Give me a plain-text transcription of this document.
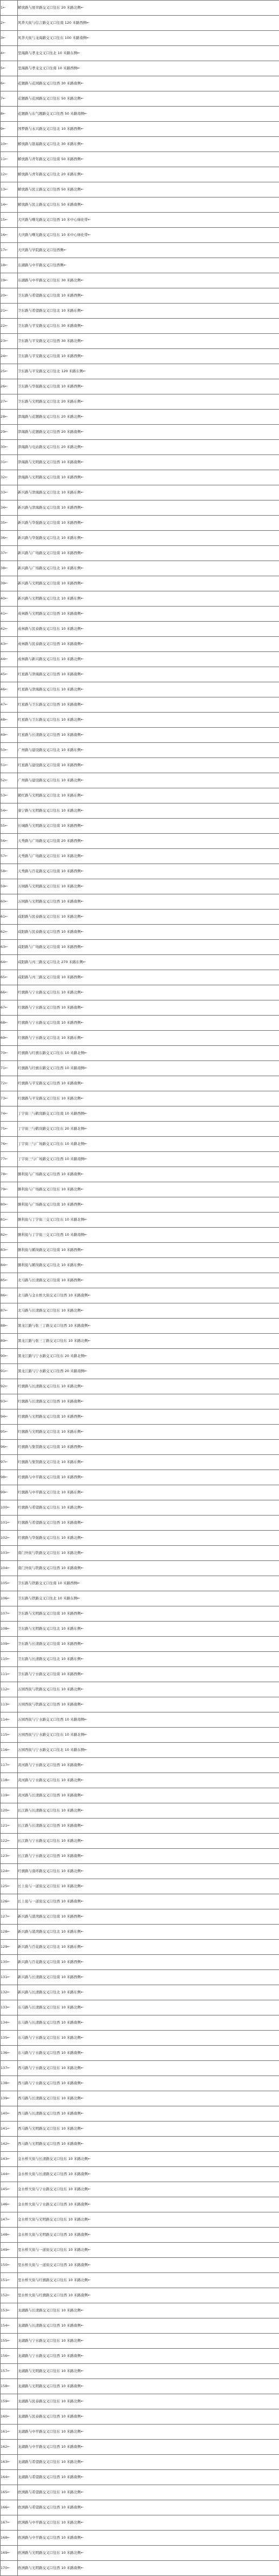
1←	解放路与展幸路交叉口往东 20 米路北侧←
2←	风华大街与信言路交叉口往南 120 米路西侧←
3←	风华大街与龙海路交叉口往东 100 米路南侧←
4←	里海路与孝龙交叉口往北 10 米路东侧←
5←	里海路与孝龙交叉口往南 10 米路西侧←
6←	花题路与花园路交叉口往西 30 米路南侧←
7←	花题路与花园路交叉口往东 50 米路北侧←
8←	花题路与东气题路交叉口往西 50 米路南侧←
9←	国梦路与永兴路交叉口往北 10 米路西侧←
10←	解放路与银基路交叉口往北 30 米路东侧←
11←	解放路与青年路交叉口往南 50 米路西侧←
12←	解放路与青年路交叉口往北 20 米路东侧←
13←	解放路与民主路交叉口往西 50 米路北侧←
14←	解放路与民主路交叉口往东 50 米路南侧←
15←	大庆路与曙光路交叉口往西 10 米中心绿化带←
16←	大庆路与曙光路交叉口往东 10 米中心绿化带←
17←	大庆路与学院路交叉口往西侧←
18←	东湖路与中平路交叉口往西侧←
19←	东湖路与中平路交叉口往东 30 米路北侧←
20←	卫东路与希望路交叉口往南 10 米路西侧←
21←	卫东路与希望路交叉口往北 10 米路东侧←
22←	卫东路与平安路交叉口往东 30 米路南侧←
23←	卫东路与平安路交叉口往西 30 米路北侧←
24←	卫东路与平安路交叉口往南 10 米路西侧←
25←	卫东路与平安路交叉口往北 120 米路东侧←
26←	卫东路与华强路交叉口往南 10 米路西侧←
27←	卫东路与光明路交叉口往北 20 米路东侧←
28←	津海路与花题路交叉口往东 20 米路北侧←
29←	津海路与花题路交叉口往西 20 米路南侧←
30←	津海路与电站路交叉口往东 20 米路北侧←
31←	津海路与光明路交叉口往西 10 米路南侧←
32←	津海路与光明路交叉口往南 10 米路西侧←
33←	新兴路与津海路交叉口往北 10 米路东侧←
34←	新兴路与津海路交叉口往南 10 米路西侧←
35←	新兴路与华强路交叉口往南 10 米路西侧←
36←	新兴路与华强路交叉口往北 10 米路东侧←
37←	新兴路与广场路交叉口往南 10 米路西侧←
38←	新兴路与广场路交叉口往北 10 米路东侧←
39←	新兴路与光明路交叉口往南 10 米路西侧←
40←	新兴路与光明路交叉口往北 10 米路东侧←
41←	成林路与光明路交叉口往西 10 米路南侧←
42←	成林路与民泰路交叉口往东 10 米路北侧←
43←	成林路与民泰路交叉口往西 10 米路南侧←
44←	成林路与新兴路交叉口往东 10 米路北侧←
45←	红星路与津海路交叉口往西 10 米路南侧←
46←	红星路与津海路交叉口往东 10 米路北侧←
47←	红星路与卫东路交叉口往西 10 米路南侧←
48←	红星路与卫东路交叉口往东 10 米路北侧←
49←	红星路与长清路交叉口往西 10 米路南侧←
50←	广州路与建设路交叉口往北 10 米路东侧←
51←	红星路与建设路交叉口往南 10 米路西侧←
52←	广州路与建设路交叉口往东 10 米路北侧←
53←	鹤红路与光明路交叉口往北 10 米路东侧←
54←	康宁路与光明路交叉口往东 10 米路北侧←
55←	长城路与光明路交叉口往南 10 米路西侧←
56←	天秀路与广场路交叉口往南 20 米路西侧←
57←	天秀路与广场路交叉口往东 10 米路北侧←
58←	天秀路与百花路交叉口往南 10 米路西侧←
59←	万园路与光明路交叉口往东 10 米路北侧←
60←	万园路与光明路交叉口往西 10 米路南侧←
61←	咸阳路与民泰路交叉口往东 10 米路北侧←
62←	咸阳路与民泰路交叉口往西 10 米路南侧←
63←	咸阳路与广场路交叉口往南 10 米路西侧←
64←	咸阳路与丙三路交叉口往北 270 米路东侧←
65←	咸阳路与丙三路交叉口往南 10 米路西侧←
66←	红旗路与宁水路交叉口往东 10 米路北侧←
67←	红旗路与宁水路交叉口往西 10 米路南侧←
68←	红旗路与宁水路交叉口往南 10 米路西侧←
69←	红旗路与宁水路交叉口往北 10 米路东侧←
70←	红旗路与红旗东路交叉口往东 10 米路北侧←
71←	红旗路与红旗东路交叉口往西 10 米路南侧←
72←	红旗路与平安路交叉口往西 10 米路南侧←
73←	红旗路与平安路交叉口往东 10 米路北侧←
74←	丁字街三与鹤岗路交叉口往南 10 米路西侧←
75←	丁字街三与鹤岗路交叉口往东 20 米路北侧←
76←	丁字街三与广场路交叉口往东 10 米路北侧←
77←	丁字街三与广场路交叉口往西 10 米路南侧←
78←	勝利街与广场路交叉口往西 10 米路南侧←
79←	勝利街与广场路交叉口往东 10 米路北侧←
80←	勝利街与广场路交叉口往南 10 米路西侧←
81←	勝利街与丁字街三交叉口往东 10 米路北侧←
82←	勝利街与丁字街三交叉口往西 10 米路南侧←
83←	勝利街与鹤岗路交叉口往南 10 米路西侧←
84←	勝利街与鹤岗路交叉口往北 10 米路东侧←
85←	北马路与长清路交叉口往南 10 米路西侧←
86←	北马路与金水桥大街交叉口往西 10 米路南侧←
87←	北马路与长清路交叉口往东 10 米路北侧←
88←	黑龙江路与张三丁路交叉口往西 10 米路南侧←
89←	黑龙江路与张三丁路交叉口往东 10 米路北侧←
90←	黑龙江路与宁水路交叉口往东 20 米路北侧←
91←	黑龙江路与宁水路交叉口往西 20 米路南侧←
92←	红旗路与长清路交叉口往东 10 米路北侧←
93←	红旗路与长清路交叉口往西 10 米路南侧←
94←	红旗路与光明路交叉口往南 10 米路西侧←
95←	红旗路与光明路交叉口往北 10 米路东侧←
96←	红旗路与集贤路交叉口往南 10 米路西侧←
97←	红旗路与集贤路交叉口往北 10 米路东侧←
98←	红旗路与中平路交叉口往南 10 米路西侧←
99←	红旗路与中平路交叉口往北 10 米路东侧←
100←	红旗路与希望路交叉口往东 10 米路北侧←
101←	红旗路与希望路交叉口往西 10 米路南侧←
102←	红旗路与华强路交叉口往东 10 米路北侧←
103←	南门外街与铁路交叉口往东 10 米路北侧←
104←	南门外街与铁路交叉口往西 10 米路南侧←
105←	卫东路与铁路交叉口往南 10 米路西侧←
106←	卫东路与铁路交叉口往北 10 米路东侧←
107←	卫东路与光明路交叉口往南 10 米路西侧←
108←	卫东路与光明路交叉口往北 10 米路东侧←
109←	卫东路与长清路交叉口往南 10 米路西侧←
110←	卫东路与长清路交叉口往北 10 米路东侧←
111←	卫东路与宁水路交叉口往南 10 米路西侧←
112←	万园西街与铁路交叉口往东 10 米路北侧←
113←	万园西街与铁路交叉口往西 10 米路南侧←
114←	万园西街与宁水路交叉口往西 10 米路南侧←
115←	万园西街与宁水路交叉口往东 10 米路北侧←
116←	万园西街与宁水路交叉口往北 10 米路东侧←
117←	黄河路与宁水路交叉口往西 10 米路南侧←
118←	黄河路与宁水路交叉口往东 10 米路北侧←
119←	黄河路与长清路交叉口往西 10 米路南侧←
120←	长江路与长清路交叉口往东 10 米路北侧←
121←	长江路与长清路交叉口往西 10 米路南侧←
122←	长江路与宁水路交叉口往东 10 米路北侧←
123←	长江路与宁水路交叉口往西 10 米路南侧←
124←	红旗路与南环路交叉口往东 10 米路北侧←
125←	长上街与一道街交叉口往东 10 米路北侧←
126←	长上街与一道街交叉口往西 10 米路南侧←
127←	新兴路与港湾路交叉口往南 10 米路西侧←
128←	新兴路与港湾路交叉口往北 10 米路东侧←
129←	新兴路与百花路交叉口往北 10 米路东侧←
130←	新兴路与百花路交叉口往南 10 米路西侧←
131←	新兴路与长清路交叉口往南 10 米路西侧←
132←	新兴路与长清路交叉口往北 10 米路东侧←
133←	东马路与长清路交叉口往东 10 米路北侧←
134←	东马路与长清路交叉口往西 10 米路南侧←
135←	东马路与宁水路交叉口往东 10 米路北侧←
136←	东马路与宁水路交叉口往西 10 米路南侧←
137←	西马路与宁水路交叉口往东 10 米路北侧←
138←	西马路与宁水路交叉口往西 10 米路南侧←
139←	西马路与长清路交叉口往东 10 米路北侧←
140←	西马路与长清路交叉口往西 10 米路南侧←
141←	西马路与光明路交叉口往东 10 米路北侧←
142←	西马路与光明路交叉口往西 10 米路南侧←
143←	金水桥大街与长清路交叉口往东 10 米路北侧←
144←	金水桥大街与长清路交叉口往西 10 米路南侧←
145←	金水桥大街与宁水路交叉口往东 10 米路北侧←
146←	金水桥大街与宁水路交叉口往西 10 米路南侧←
147←	金水桥大街与光明路交叉口往东 10 米路北侧←
148←	金水桥大街与光明路交叉口往西 10 米路南侧←
149←	里水桥大街与一道街交叉口往东 10 米路北侧←
150←	里水桥大街与一道街交叉口往西 10 米路南侧←
151←	里水桥大街与红旗路交叉口往东 10 米路北侧←
152←	里水桥大街与红旗路交叉口往西 10 米路南侧←
153←	龙湖路与长清路交叉口往东 10 米路北侧←
154←	龙湖路与长清路交叉口往西 10 米路南侧←
155←	龙湖路与宁水路交叉口往东 10 米路北侧←
156←	龙湖路与宁水路交叉口往西 10 米路南侧←
157←	龙湖路与光明路交叉口往东 10 米路北侧←
158←	龙湖路与光明路交叉口往西 10 米路南侧←
159←	龙湖路与民泰路交叉口往东 10 米路北侧←
160←	龙湖路与民泰路交叉口往西 10 米路南侧←
161←	龙湖路与中平路交叉口往东 10 米路北侧←
162←	龙湖路与中平路交叉口往西 10 米路南侧←
163←	龙湖路与希望路交叉口往东 10 米路北侧←
164←	龙湖路与希望路交叉口往西 10 米路南侧←
165←	欧洲路与希望路交叉口往东 10 米路北侧←
166←	欧洲路与希望路交叉口往西 10 米路南侧←
167←	欧洲路与中平路交叉口往东 10 米路北侧←
168←	欧洲路与中平路交叉口往西 10 米路南侧←
169←	欧洲路与光明路交叉口往东 10 米路北侧←
170←	欧洲路与光明路交叉口往西 10 米路南侧←
